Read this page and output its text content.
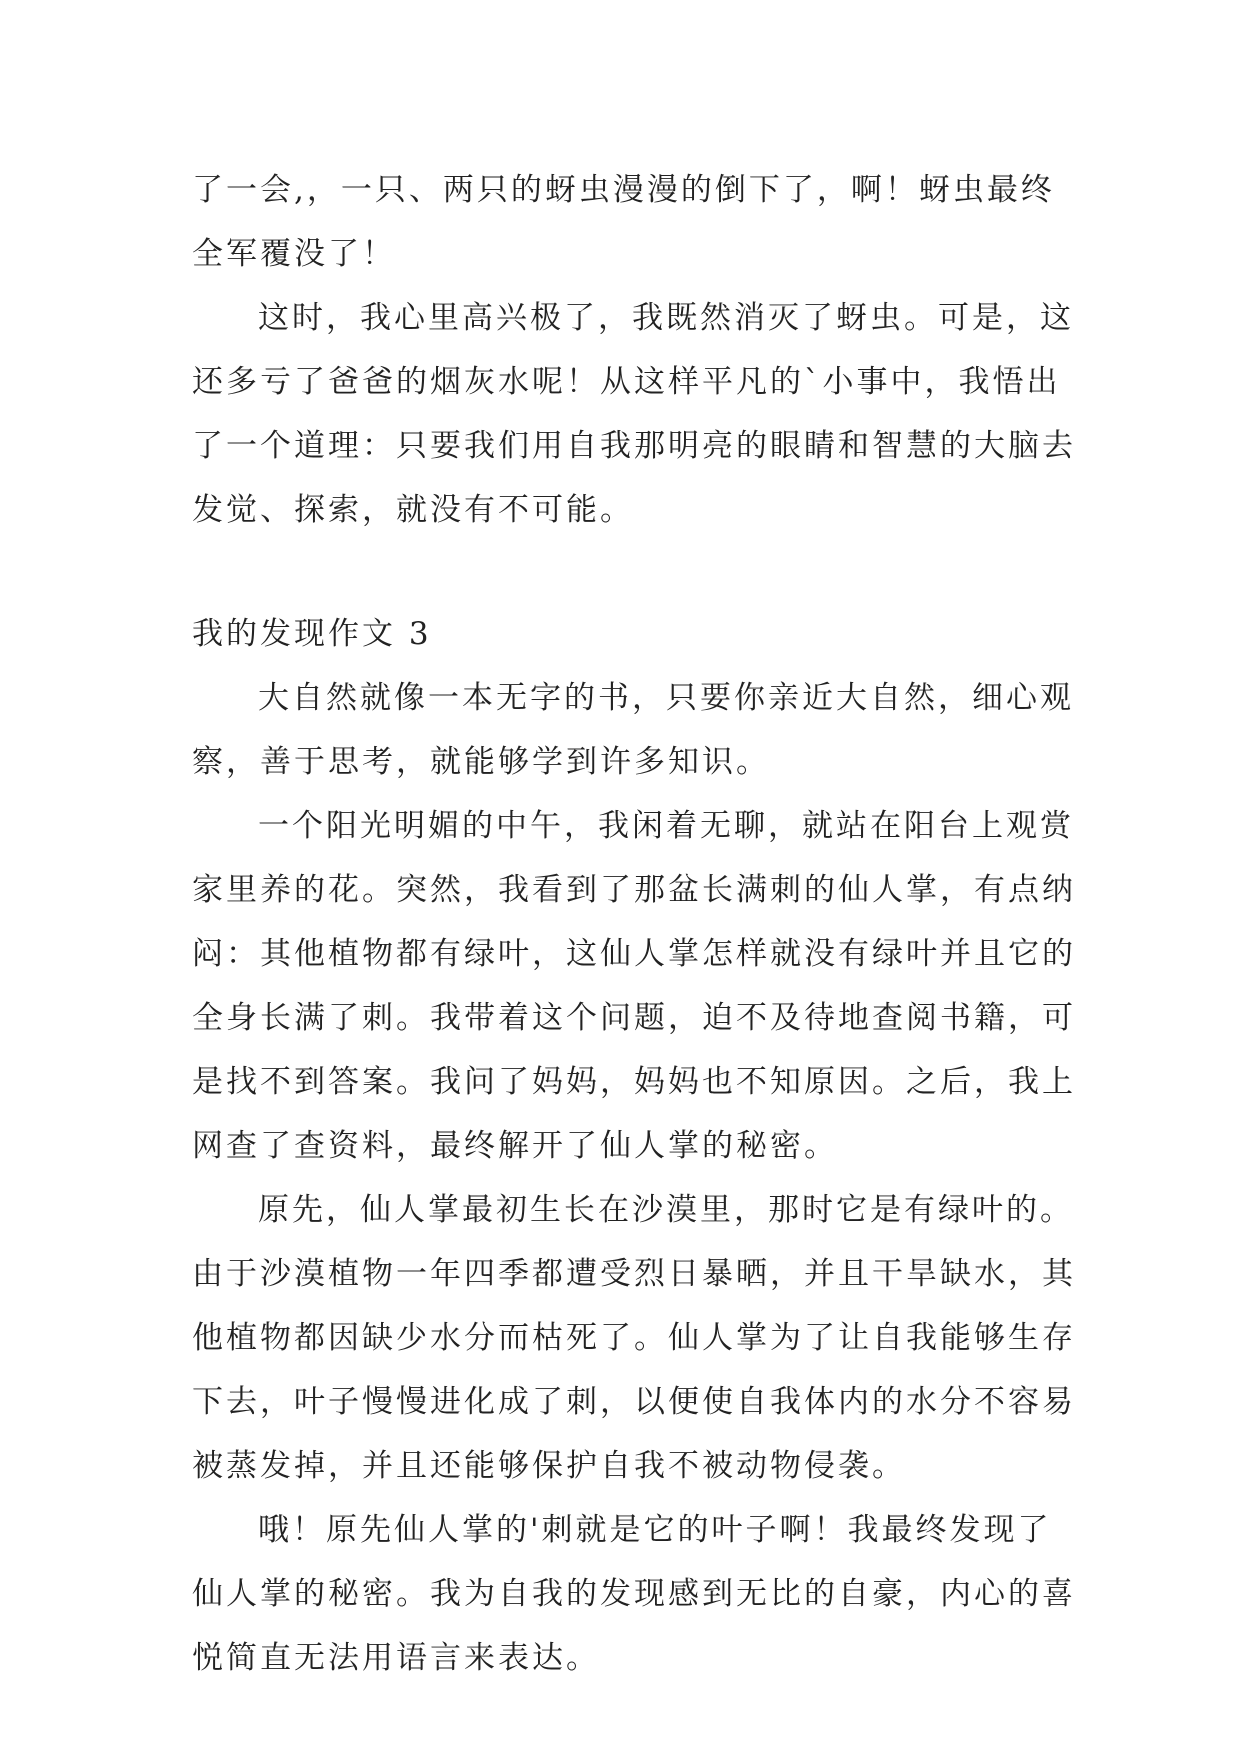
了一会,，一只、两只的蚜虫漫漫的倒下了，啊！蚜虫最终
全军覆没了！
这时，我心里高兴极了，我既然消灭了蚜虫。可是，这
还多亏了爸爸的烟灰水呢！从这样平凡的`小事中，我悟出
了一个道理：只要我们用自我那明亮的眼睛和智慧的大脑去
发觉、探索，就没有不可能。
我的发现作文 3
大自然就像一本无字的书，只要你亲近大自然，细心观
察，善于思考，就能够学到许多知识。
一个阳光明媚的中午，我闲着无聊，就站在阳台上观赏
家里养的花。突然，我看到了那盆长满刺的仙人掌，有点纳
闷：其他植物都有绿叶，这仙人掌怎样就没有绿叶并且它的
全身长满了刺。我带着这个问题，迫不及待地查阅书籍，可
是找不到答案。我问了妈妈，妈妈也不知原因。之后，我上
网查了查资料，最终解开了仙人掌的秘密。
原先，仙人掌最初生长在沙漠里，那时它是有绿叶的。
由于沙漠植物一年四季都遭受烈日暴晒，并且干旱缺水，其
他植物都因缺少水分而枯死了。仙人掌为了让自我能够生存
下去，叶子慢慢进化成了刺，以便使自我体内的水分不容易
被蒸发掉，并且还能够保护自我不被动物侵袭。
哦！原先仙人掌的'刺就是它的叶子啊！我最终发现了
仙人掌的秘密。我为自我的发现感到无比的自豪，内心的喜
悦简直无法用语言来表达。
